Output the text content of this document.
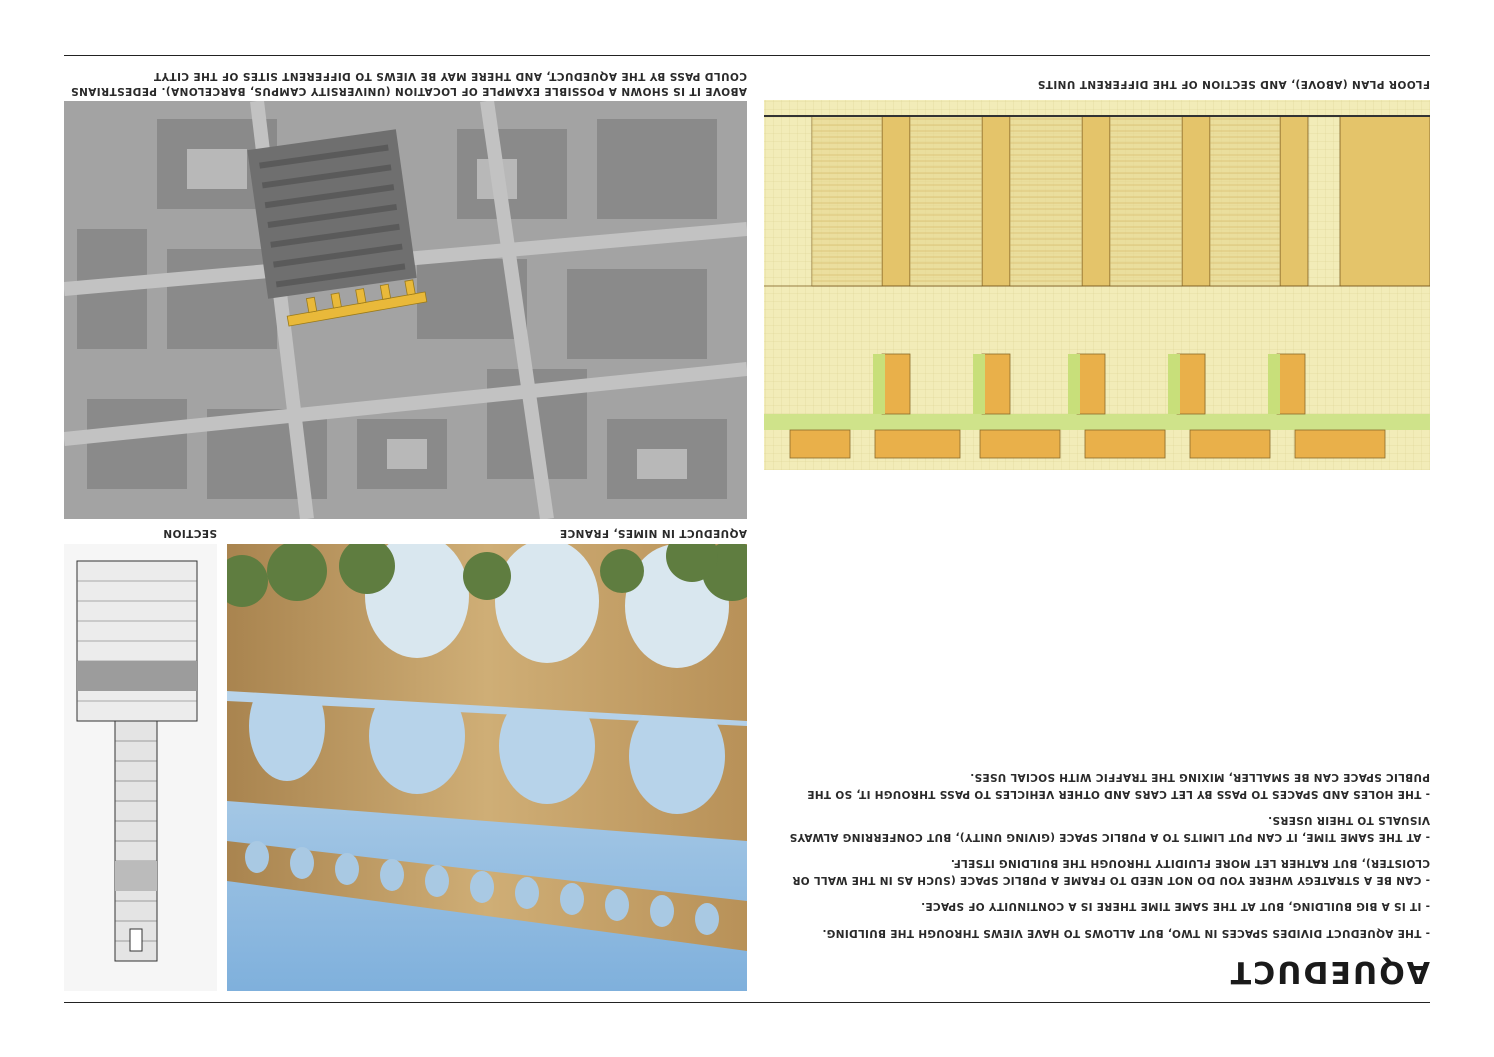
AQUEDUCT

- THE AQUEDUCT DIVIDES SPACES IN TWO, BUT ALLOWS TO HAVE VIEWS THROUGH THE BUILDING.

- IT IS A BIG BUILDING, BUT AT THE SAME TIME THERE IS A CONTINUITY OF SPACE.

- CAN BE A STRATEGY WHERE YOU DO NOT NEED TO FRAME A PUBLIC SPACE (SUCH AS IN THE WALL OR CLOISTER), BUT RATHER LET MORE FLUIDITY THROUGH THE BUILDING ITSELF.

- AT THE SAME TIME, IT CAN PUT LIMITS TO A PUBLIC SPACE (GIVING UNITY), BUT CONFERRING ALWAYS VISUALS TO THEIR USERS.

- THE HOLES AND SPACES TO PASS BY LET CARS AND OTHER VEHICLES TO PASS THROUGH IT, SO THE PUBLIC SPACE CAN BE SMALLER, MIXING THE TRAFFIC WITH SOCIAL USES.

AQUEDUCT IN NIMES, FRANCE
SECTION
FLOOR PLAN (ABOVE), AND SECTION OF THE DIFFERENT UNITS
ABOVE IT IS SHOWN A POSSIBLE EXAMPLE OF LOCATION (UNIVERSITY CAMPUS, BARCELONA). PEDESTRIANS COULD PASS BY THE AQUEDUCT, AND THERE MAY BE VIEWS TO DIFFERENT SITES OF THE CITYT
